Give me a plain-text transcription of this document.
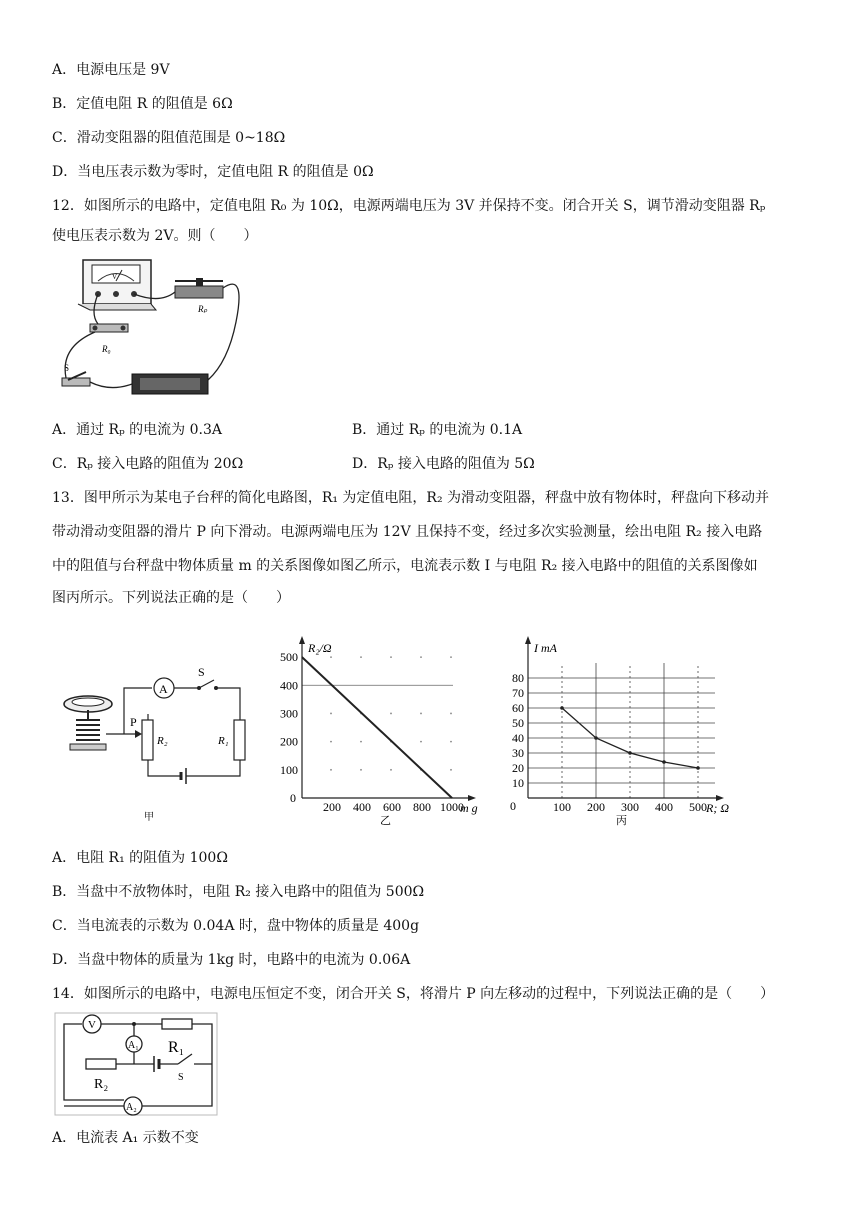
A．电源电压是 9V
B．定值电阻 R 的阻值是 6Ω
C．滑动变阻器的阻值范围是 0~18Ω
D．当电压表示数为零时，定值电阻 R 的阻值是 0Ω
12．如图所示的电路中，定值电阻 R₀ 为 10Ω，电源两端电压为 3V 并保持不变。闭合开关 S，调节滑动变阻器 Rₚ
使电压表示数为 2V。则（　　）
V
Rₚ
R₀
S
A．通过 Rₚ 的电流为 0.3A	B．通过 Rₚ 的电流为 0.1A
C．Rₚ 接入电路的阻值为 20Ω	D．Rₚ 接入电路的阻值为 5Ω
13．图甲所示为某电子台秤的简化电路图，R₁ 为定值电阻，R₂ 为滑动变阻器，秤盘中放有物体时，秤盘向下移动并
带动滑动变阻器的滑片 P 向下滑动。电源两端电压为 12V 且保持不变，经过多次实验测量，绘出电阻 R₂ 接入电路
中的阻值与台秤盘中物体质量 m 的关系图像如图乙所示，电流表示数 I 与电阻 R₂ 接入电路中的阻值的关系图像如
图丙所示。下列说法正确的是（　　）
A
S
R₁
R₂
P
甲
R₂/Ω
m g
0
500
400
300
200
100
200 400 600 800 1000
乙
I mA
R; Ω
0
80
70
60
50
40
30
20
10
100 200 300 400 500
丙
A．电阻 R₁ 的阻值为 100Ω
B．当盘中不放物体时，电阻 R₂ 接入电路中的阻值为 500Ω
C．当电流表的示数为 0.04A 时，盘中物体的质量是 400g
D．当盘中物体的质量为 1kg 时，电路中的电流为 0.06A
14．如图所示的电路中，电源电压恒定不变，闭合开关 S，将滑片 P 向左移动的过程中，下列说法正确的是（　　）
V
R₁
A₁
R₂	S
A₂
A．电流表 A₁ 示数不变
